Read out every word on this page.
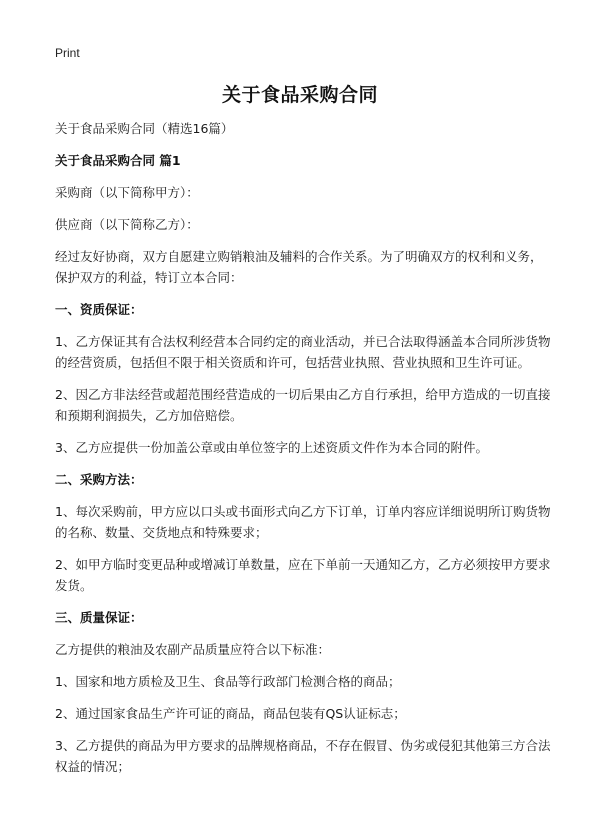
Print
关于食品采购合同

关于食品采购合同（精选16篇）

关于食品采购合同 篇1

采购商（以下简称甲方）：

供应商（以下简称乙方）：

经过友好协商，双方自愿建立购销粮油及辅料的合作关系。为了明确双方的权利和义务，保护双方的利益，特订立本合同：

一、资质保证：

1、乙方保证其有合法权利经营本合同约定的商业活动，并已合法取得涵盖本合同所涉货物的经营资质，包括但不限于相关资质和许可，包括营业执照、营业执照和卫生许可证。

2、因乙方非法经营或超范围经营造成的一切后果由乙方自行承担，给甲方造成的一切直接和预期利润损失，乙方加倍赔偿。

3、乙方应提供一份加盖公章或由单位签字的上述资质文件作为本合同的附件。

二、采购方法：

1、每次采购前，甲方应以口头或书面形式向乙方下订单，订单内容应详细说明所订购货物的名称、数量、交货地点和特殊要求；

2、如甲方临时变更品种或增减订单数量，应在下单前一天通知乙方，乙方必须按甲方要求发货。

三、质量保证：

乙方提供的粮油及农副产品质量应符合以下标准：

1、国家和地方质检及卫生、食品等行政部门检测合格的商品；

2、通过国家食品生产许可证的商品，商品包装有QS认证标志；

3、乙方提供的商品为甲方要求的品牌规格商品，不存在假冒、伪劣或侵犯其他第三方合法权益的情况；
